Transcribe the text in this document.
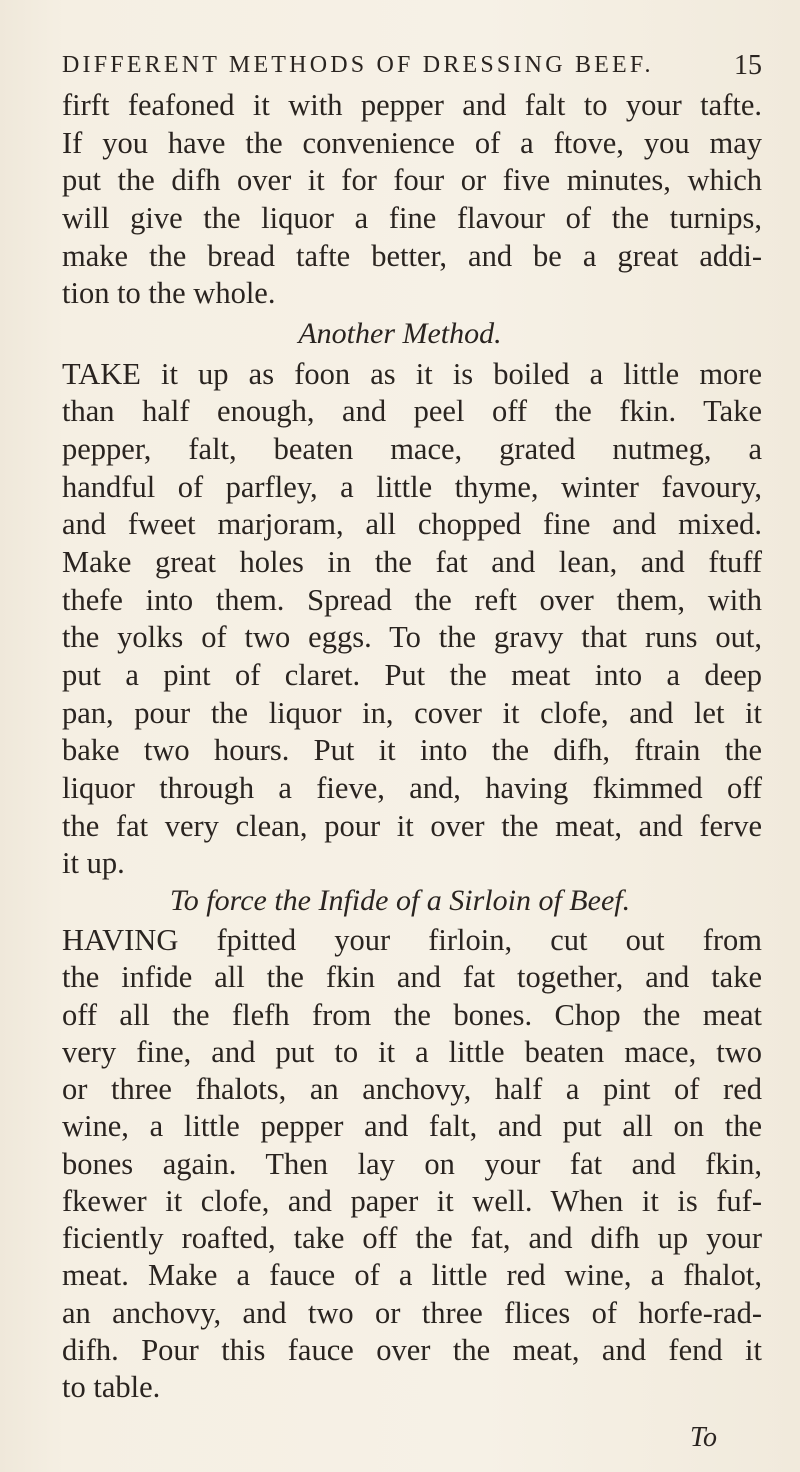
DIFFERENT METHODS OF DRESSING BEEF.	15
firft feafoned it with pepper and falt to your tafte.
If you have the convenience of a ftove, you may
put the difh over it for four or five minutes, which
will give the liquor a fine flavour of the turnips,
make the bread tafte better, and be a great addi-
tion to the whole.
Another Method.
TAKE it up as foon as it is boiled a little more
than half enough, and peel off the fkin. Take
pepper, falt, beaten mace, grated nutmeg, a
handful of parfley, a little thyme, winter favoury,
and fweet marjoram, all chopped fine and mixed.
Make great holes in the fat and lean, and ftuff
thefe into them. Spread the reft over them, with
the yolks of two eggs. To the gravy that runs out,
put a pint of claret. Put the meat into a deep
pan, pour the liquor in, cover it clofe, and let it
bake two hours. Put it into the difh, ftrain the
liquor through a fieve, and, having fkimmed off
the fat very clean, pour it over the meat, and ferve
it up.
To force the Infide of a Sirloin of Beef.
HAVING fpitted your firloin, cut out from
the infide all the fkin and fat together, and take
off all the flefh from the bones. Chop the meat
very fine, and put to it a little beaten mace, two
or three fhalots, an anchovy, half a pint of red
wine, a little pepper and falt, and put all on the
bones again. Then lay on your fat and fkin,
fkewer it clofe, and paper it well. When it is fuf-
ficiently roafted, take off the fat, and difh up your
meat. Make a fauce of a little red wine, a fhalot,
an anchovy, and two or three flices of horfe-rad-
difh. Pour this fauce over the meat, and fend it
to table.
To
